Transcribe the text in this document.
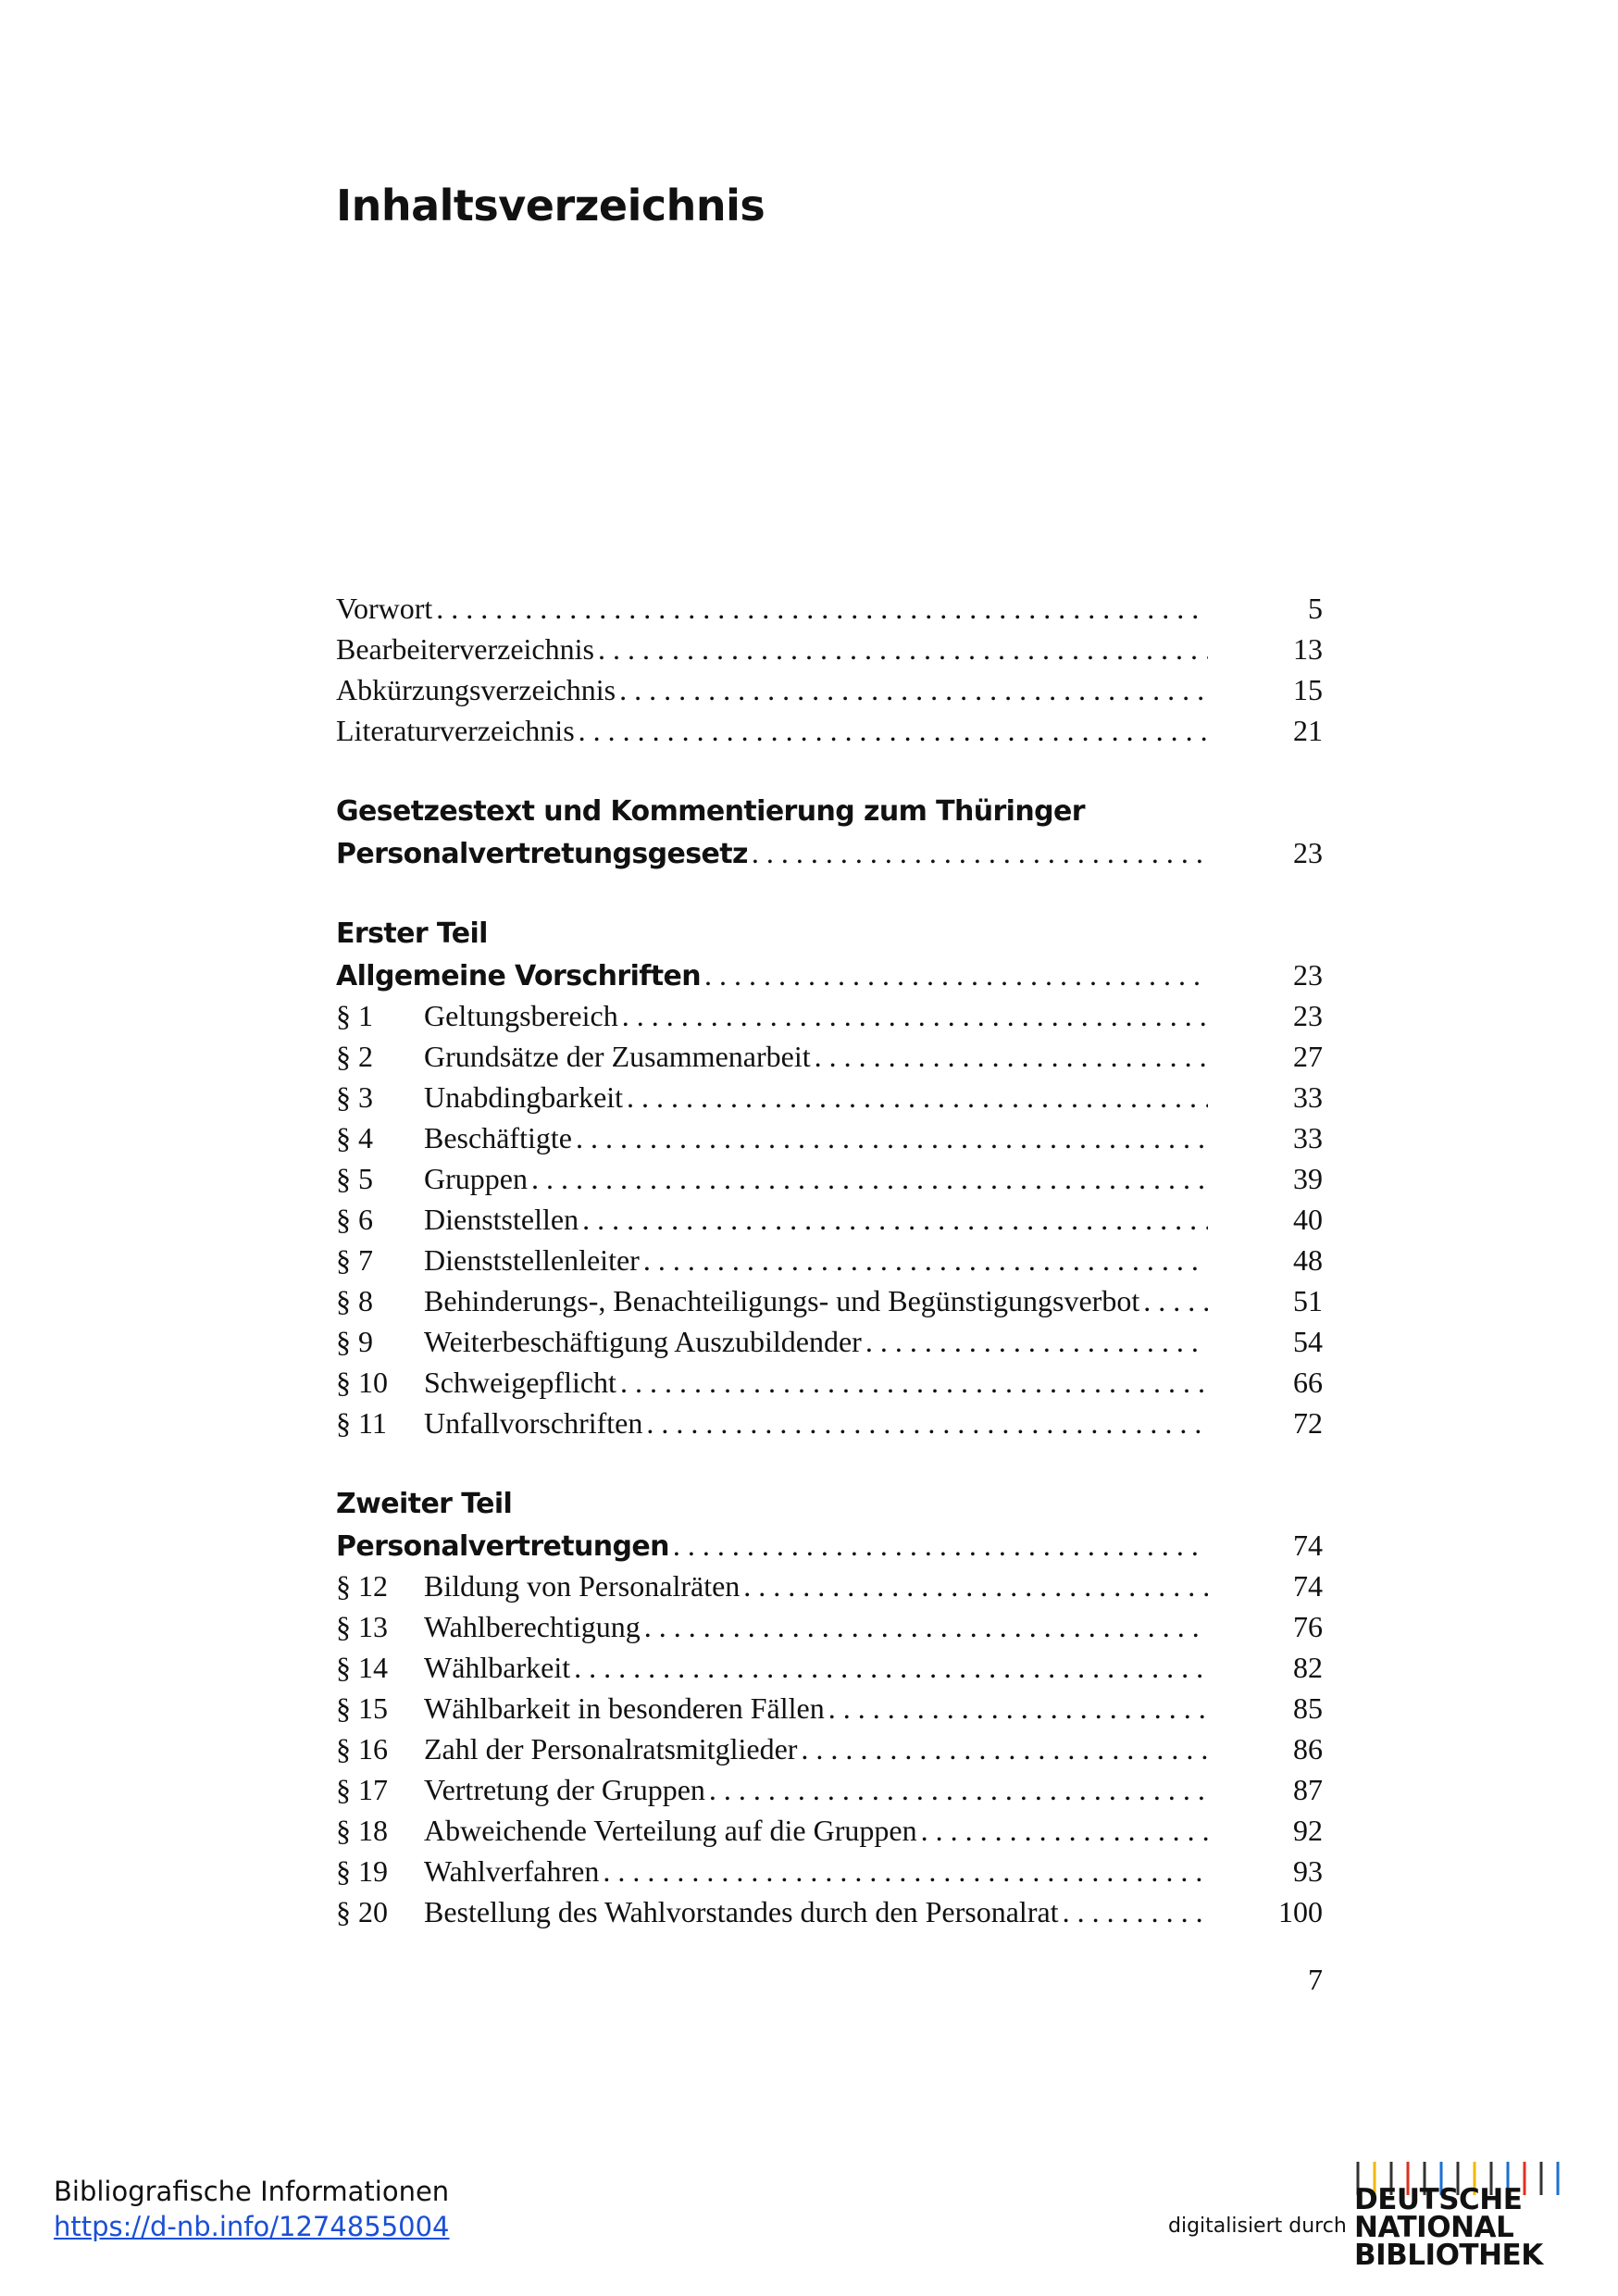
Inhaltsverzeichnis
Vorwort . . .	5
Bearbeiterverzeichnis . . .	13
Abkürzungsverzeichnis . . .	15
Literaturverzeichnis . . .	21
Gesetzestext und Kommentierung zum Thüringer
Personalvertretungsgesetz . . .	23
Erster Teil
Allgemeine Vorschriften . . .	23
§ 1	Geltungsbereich . . .	23
§ 2	Grundsätze der Zusammenarbeit . . .	27
§ 3	Unabdingbarkeit . . .	33
§ 4	Beschäftigte . . .	33
§ 5	Gruppen . . .	39
§ 6	Dienststellen . . .	40
§ 7	Dienststellenleiter . . .	48
§ 8	Behinderungs-, Benachteiligungs- und Begünstigungsverbot . . .	51
§ 9	Weiterbeschäftigung Auszubildender . . .	54
§ 10	Schweigepflicht . . .	66
§ 11	Unfallvorschriften . . .	72
Zweiter Teil
Personalvertretungen . . .	74
§ 12	Bildung von Personalräten . . .	74
§ 13	Wahlberechtigung . . .	76
§ 14	Wählbarkeit . . .	82
§ 15	Wählbarkeit in besonderen Fällen . . .	85
§ 16	Zahl der Personalratsmitglieder . . .	86
§ 17	Vertretung der Gruppen . . .	87
§ 18	Abweichende Verteilung auf die Gruppen . . .	92
§ 19	Wahlverfahren . . .	93
§ 20	Bestellung des Wahlvorstandes durch den Personalrat . . .	100
7
Bibliografische Informationen
https://d-nb.info/1274855004	digitalisiert durch
DEUTSCHE
NATIONAL
BIBLIOTHEK
